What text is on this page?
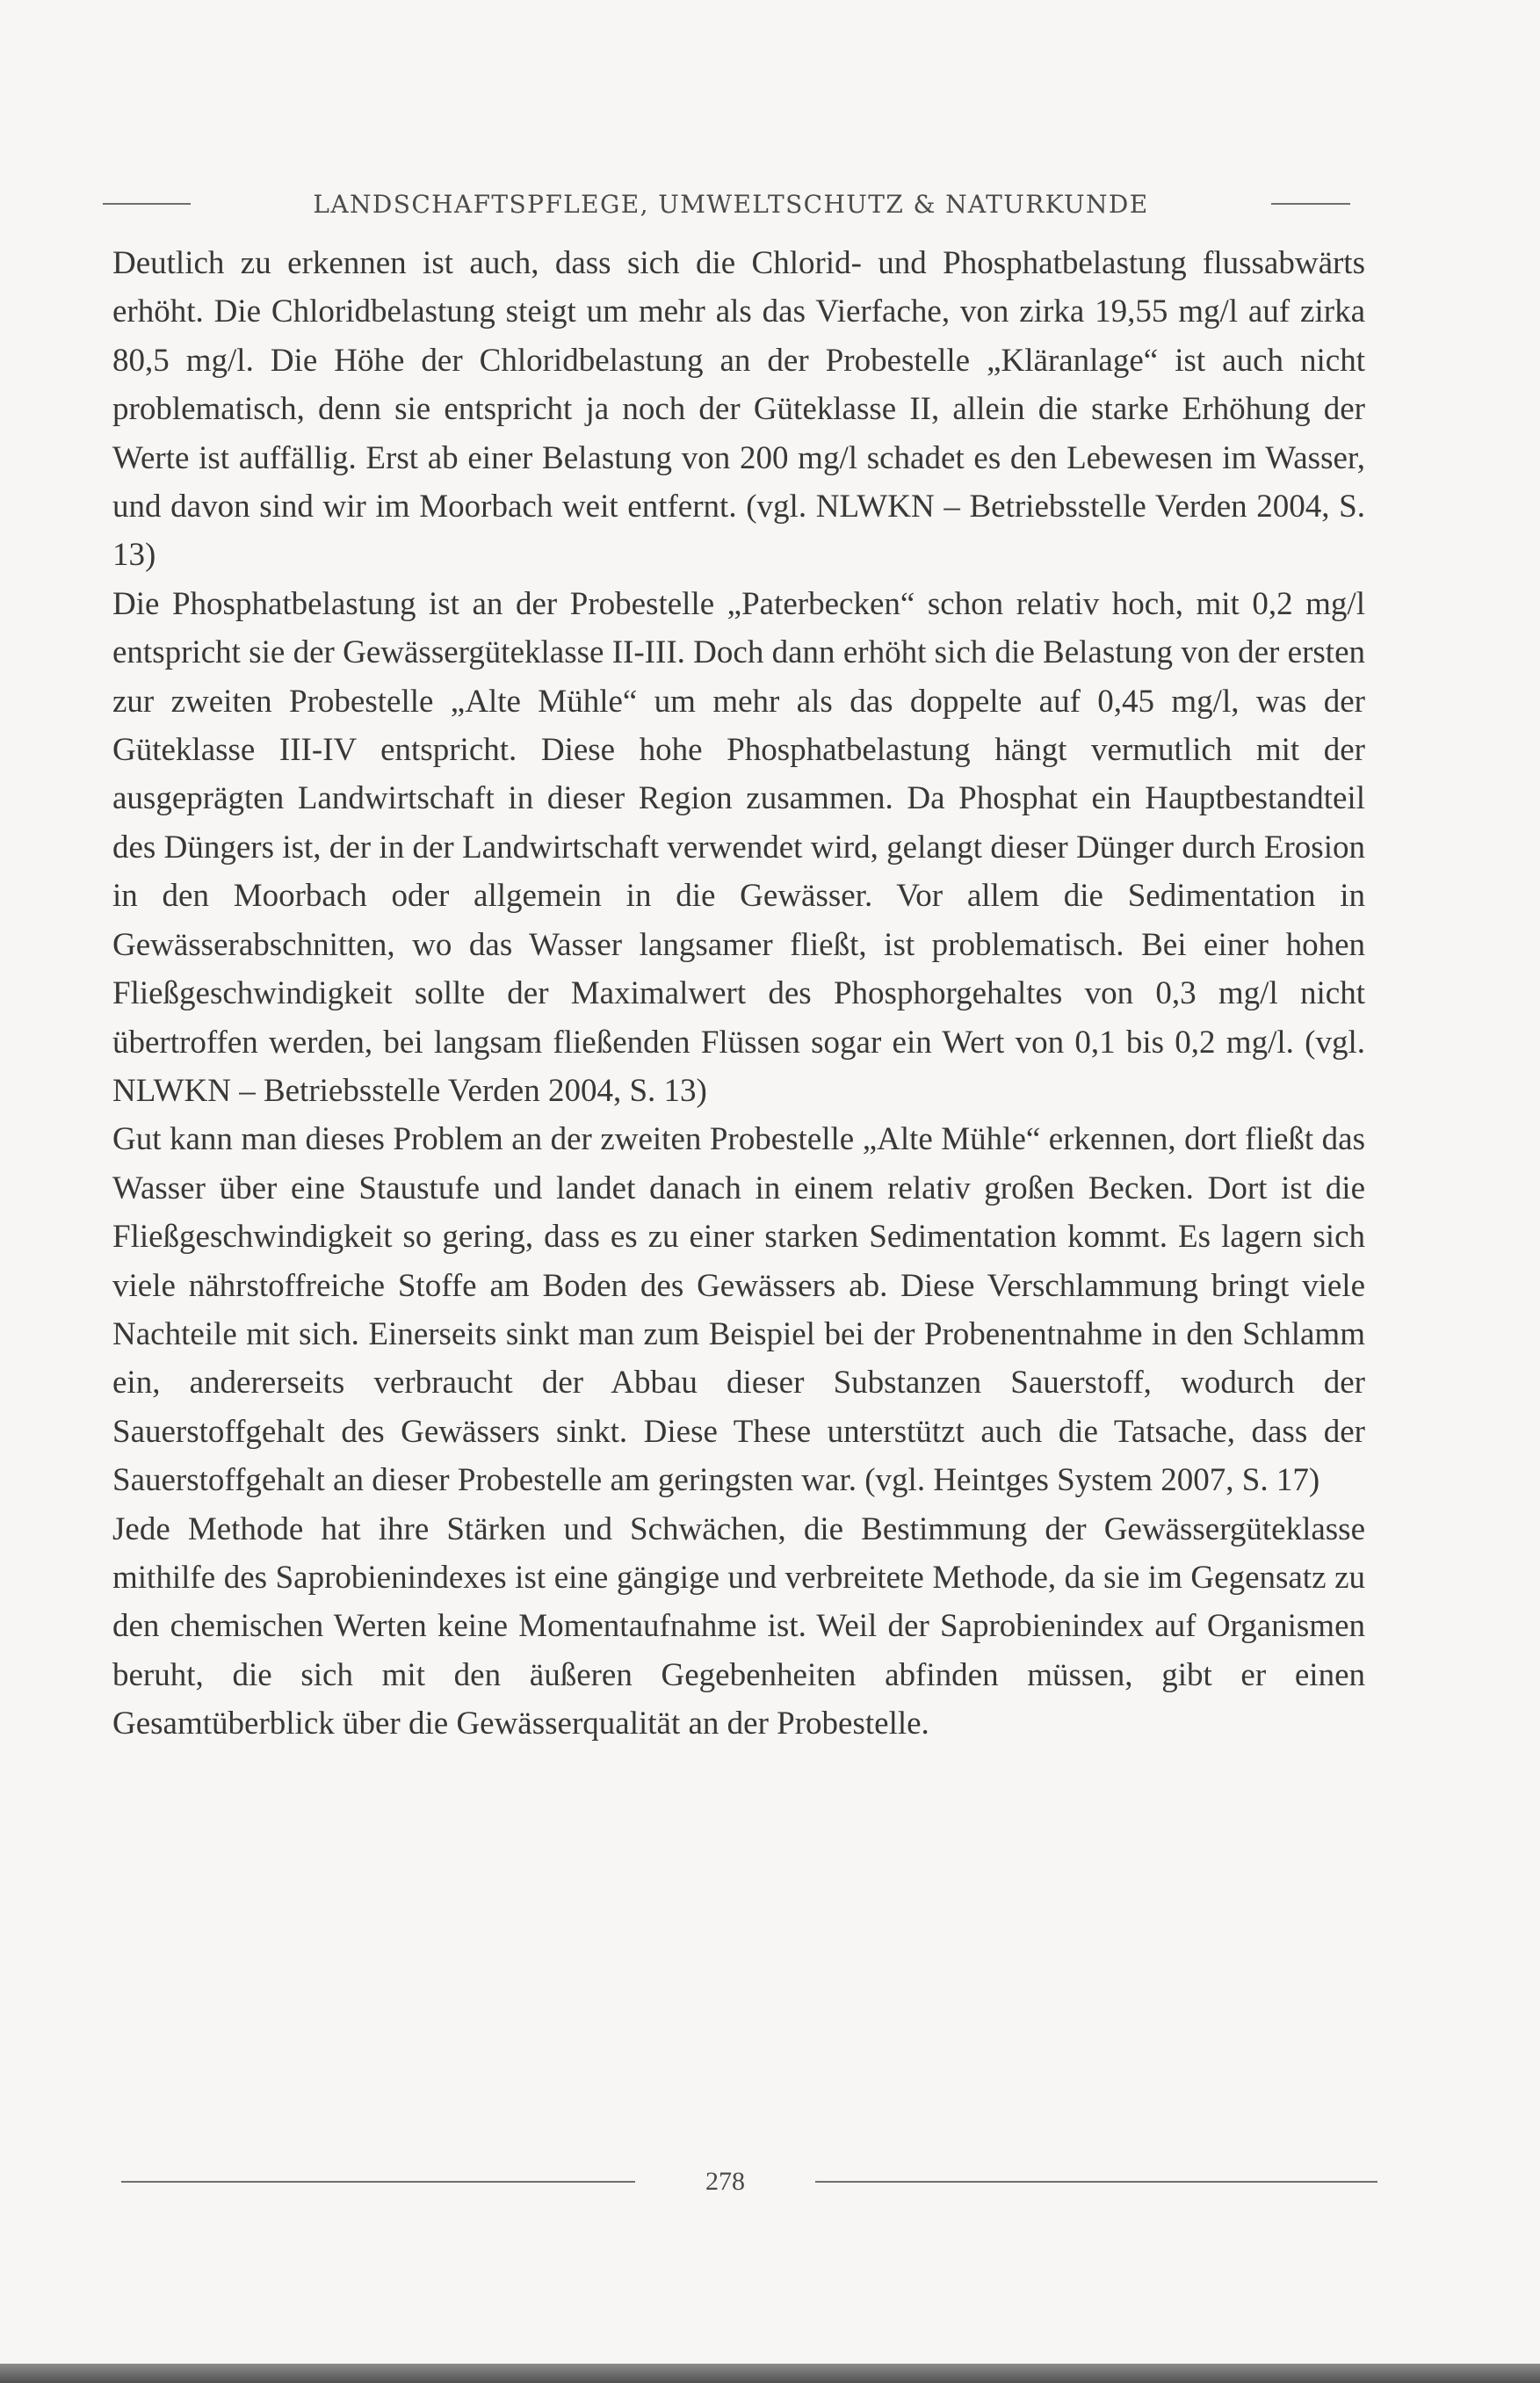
LANDSCHAFTSPFLEGE, UMWELTSCHUTZ & NATURKUNDE

Deutlich zu erkennen ist auch, dass sich die Chlorid- und Phosphatbelastung flussabwärts erhöht. Die Chloridbelastung steigt um mehr als das Vierfache, von zirka 19,55 mg/l auf zirka 80,5 mg/l. Die Höhe der Chloridbelastung an der Probestelle „Kläranlage“ ist auch nicht problematisch, denn sie entspricht ja noch der Güteklasse II, allein die starke Erhöhung der Werte ist auffällig. Erst ab einer Belastung von 200 mg/l schadet es den Lebewesen im Wasser, und davon sind wir im Moorbach weit entfernt. (vgl. NLWKN – Betriebsstelle Verden 2004, S. 13)

Die Phosphatbelastung ist an der Probestelle „Paterbecken“ schon relativ hoch, mit 0,2 mg/l entspricht sie der Gewässergüteklasse II-III. Doch dann erhöht sich die Belastung von der ersten zur zweiten Probestelle „Alte Mühle“ um mehr als das doppelte auf 0,45 mg/l, was der Güteklasse III-IV entspricht. Diese hohe Phosphatbelastung hängt vermutlich mit der ausgeprägten Landwirtschaft in dieser Region zusammen. Da Phosphat ein Hauptbestandteil des Düngers ist, der in der Landwirtschaft verwendet wird, gelangt dieser Dünger durch Erosion in den Moorbach oder allgemein in die Gewässer. Vor allem die Sedimentation in Gewässerabschnitten, wo das Wasser langsamer fließt, ist problematisch. Bei einer hohen Fließgeschwindigkeit sollte der Maximalwert des Phosphorgehaltes von 0,3 mg/l nicht übertroffen werden, bei langsam fließenden Flüssen sogar ein Wert von 0,1 bis 0,2 mg/l. (vgl. NLWKN – Betriebsstelle Verden 2004, S. 13)

Gut kann man dieses Problem an der zweiten Probestelle „Alte Mühle“ erkennen, dort fließt das Wasser über eine Staustufe und landet danach in einem relativ großen Becken. Dort ist die Fließgeschwindigkeit so gering, dass es zu einer starken Sedimentation kommt. Es lagern sich viele nährstoffreiche Stoffe am Boden des Gewässers ab. Diese Verschlammung bringt viele Nachteile mit sich. Einerseits sinkt man zum Beispiel bei der Probenentnahme in den Schlamm ein, andererseits verbraucht der Abbau dieser Substanzen Sauerstoff, wodurch der Sauerstoffgehalt des Gewässers sinkt. Diese These unterstützt auch die Tatsache, dass der Sauerstoffgehalt an dieser Probestelle am geringsten war. (vgl. Heintges System 2007, S. 17)

Jede Methode hat ihre Stärken und Schwächen, die Bestimmung der Gewässergüteklasse mithilfe des Saprobienindexes ist eine gängige und verbreitete Methode, da sie im Gegensatz zu den chemischen Werten keine Momentaufnahme ist. Weil der Saprobienindex auf Organismen beruht, die sich mit den äußeren Gegebenheiten abfinden müssen, gibt er einen Gesamtüberblick über die Gewässerqualität an der Probestelle.

278
